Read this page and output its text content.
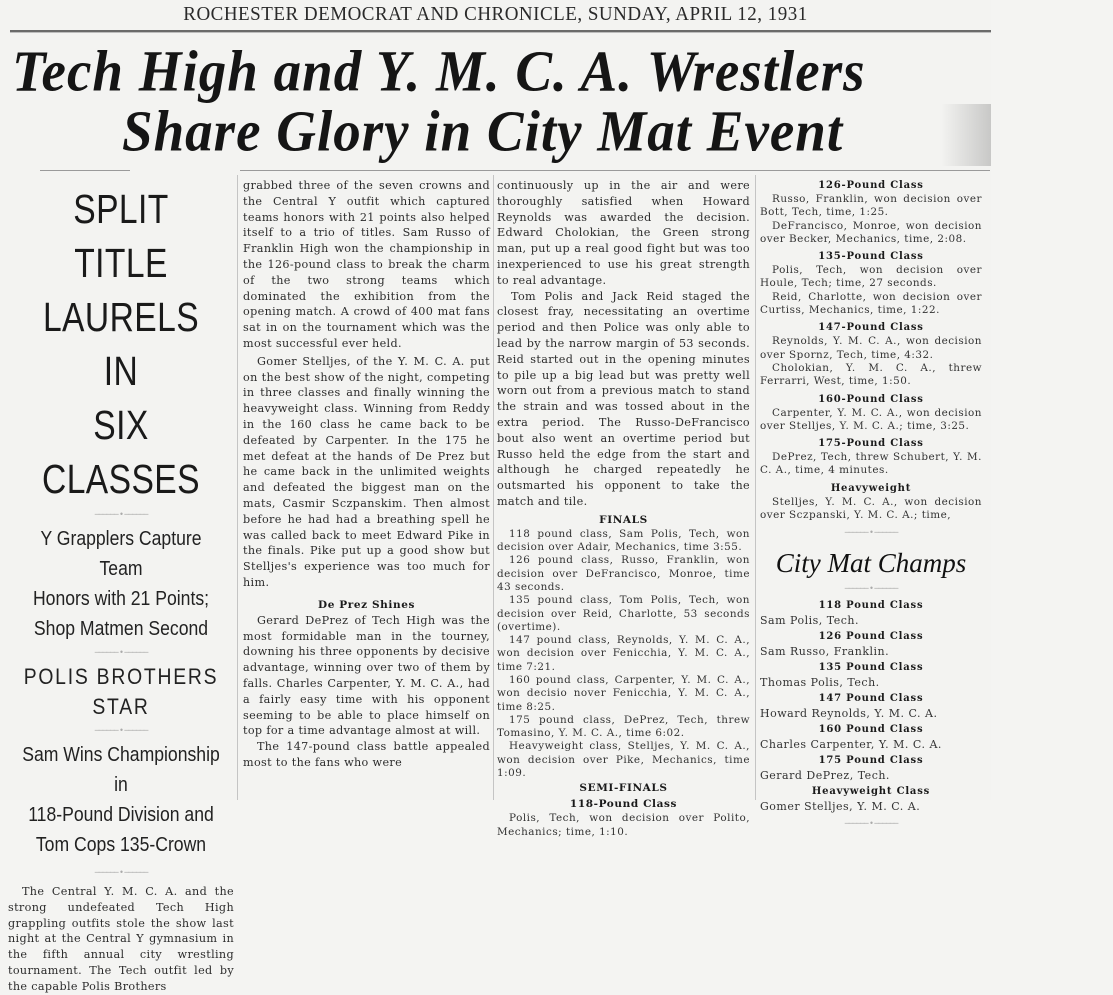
ROCHESTER DEMOCRAT AND CHRONICLE, SUNDAY, APRIL 12, 1931
Tech High and Y. M. C. A. Wrestlers
Share Glory in City Mat Event
SPLIT TITLE
LAURELS IN
SIX CLASSES
────── • ──────
Y Grapplers Capture Team
Honors with 21 Points;
Shop Matmen Second
────── • ──────
POLIS BROTHERS STAR
────── • ──────
Sam Wins Championship in
118-Pound Division and
Tom Cops 135-Crown
────── • ──────

The Central Y. M. C. A. and the strong undefeated Tech High grappling outfits stole the show last night at the Central Y gymnasium in the fifth annual city wrestling tournament. The Tech outfit led by the capable Polis Brothers

grabbed three of the seven crowns and the Central Y outfit which captured teams honors with 21 points also helped itself to a trio of titles. Sam Russo of Franklin High won the championship in the 126-pound class to break the charm of the two strong teams which dominated the exhibition from the opening match. A crowd of 400 mat fans sat in on the tournament which was the most successful ever held.

Gomer Stelljes, of the Y. M. C. A. put on the best show of the night, competing in three classes and finally winning the heavyweight class. Winning from Reddy in the 160 class he came back to be defeated by Carpenter. In the 175 he met defeat at the hands of De Prez but he came back in the unlimited weights and defeated the biggest man on the mats, Casmir Sczpanskim. Then almost before he had had a breathing spell he was called back to meet Edward Pike in the finals. Pike put up a good show but Stelljes's experience was too much for him.

De Prez Shines

Gerard DePrez of Tech High was the most formidable man in the tourney, downing his three opponents by decisive advantage, winning over two of them by falls. Charles Carpenter, Y. M. C. A., had a fairly easy time with his opponent seeming to be able to place himself on top for a time advantage almost at will.

The 147-pound class battle appealed most to the fans who were

continuously up in the air and were thoroughly satisfied when Howard Reynolds was awarded the decision. Edward Cholokian, the Green strong man, put up a real good fight but was too inexperienced to use his great strength to real advantage.

Tom Polis and Jack Reid staged the closest fray, necessitating an overtime period and then Police was only able to lead by the narrow margin of 53 seconds. Reid started out in the opening minutes to pile up a big lead but was pretty well worn out from a previous match to stand the strain and was tossed about in the extra period. The Russo-DeFrancisco bout also went an overtime period but Russo held the edge from the start and although he charged repeatedly he outsmarted his opponent to take the match and tile.

FINALS

118 pound class, Sam Polis, Tech, won decision over Adair, Mechanics, time 3:55.

126 pound class, Russo, Franklin, won decision over DeFrancisco, Monroe, time 43 seconds.

135 pound class, Tom Polis, Tech, won decision over Reid, Charlotte, 53 seconds (overtime).

147 pound class, Reynolds, Y. M. C. A., won decision over Fenicchia, Y. M. C. A., time 7:21.

160 pound class, Carpenter, Y. M. C. A., won decisio nover Fenicchia, Y. M. C. A., time 8:25.

175 pound class, DePrez, Tech, threw Tomasino, Y. M. C. A., time 6:02.

Heavyweight class, Stelljes, Y. M. C. A., won decision over Pike, Mechanics, time 1:09.

SEMI-FINALS
118-Pound Class

Polis, Tech, won decision over Polito, Mechanics; time, 1:10.

126-Pound Class

Russo, Franklin, won decision over Bott, Tech, time, 1:25.

DeFrancisco, Monroe, won decision over Becker, Mechanics, time, 2:08.

135-Pound Class

Polis, Tech, won decision over Houle, Tech; time, 27 seconds.

Reid, Charlotte, won decision over Curtiss, Mechanics, time, 1:22.

147-Pound Class

Reynolds, Y. M. C. A., won decision over Spornz, Tech, time, 4:32.

Cholokian, Y. M. C. A., threw Ferrarri, West, time, 1:50.

160-Pound Class

Carpenter, Y. M. C. A., won decision over Stelljes, Y. M. C. A.; time, 3:25.

175-Pound Class

DePrez, Tech, threw Schubert, Y. M. C. A., time, 4 minutes.

Heavyweight

Stelljes, Y. M. C. A., won decision over Sczpanski, Y. M. C. A.; time,

────── • ──────
City Mat Champs
────── • ──────
118 Pound Class
Sam Polis, Tech.
126 Pound Class
Sam Russo, Franklin.
135 Pound Class
Thomas Polis, Tech.
147 Pound Class
Howard Reynolds, Y. M. C. A.
160 Pound Class
Charles Carpenter, Y. M. C. A.
175 Pound Class
Gerard DePrez, Tech.
Heavyweight Class
Gomer Stelljes, Y. M. C. A.
────── • ──────
